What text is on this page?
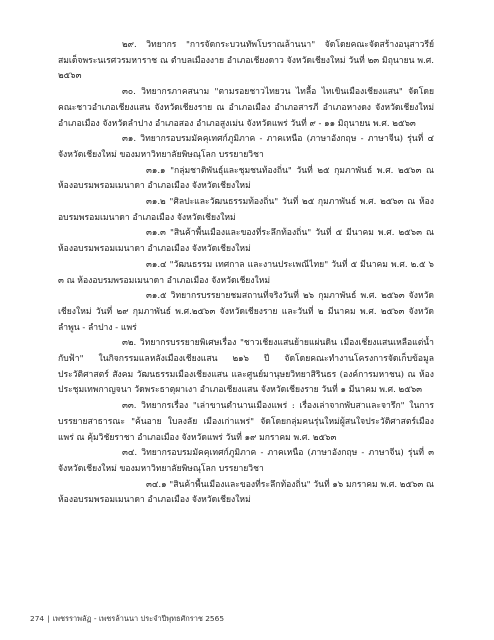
๒๙. วิทยากร "การจัดกระบวนทัพโบราณล้านนา" จัดโดยคณะจัดสร้างอนุสาวรีย์สมเด็จพระนเรศวรมหาราช ณ ตำบลเมืองงาย อำเภอเชียงดาว จังหวัดเชียงใหม่ วันที่ ๒๓ มิถุนายน พ.ศ. ๒๕๖๓

๓๐. วิทยากรภาคสนาม "ตามรอยชาวไทยวน ไทลื้อ ไทเขินเมืองเชียงแสน" จัดโดยคณะชาวอำเภอเชียงแสน จังหวัดเชียงราย ณ อำเภอเมือง อำเภอสารภี อำเภอหางดง จังหวัดเชียงใหม่ อำเภอเมือง จังหวัดลำปาง อำเภอสอง อำเภอสูงเม่น จังหวัดแพร่ วันที่ ๙ - ๑๑ มิถุนายน พ.ศ. ๒๕๖๓

๓๑. วิทยากรอบรมมัคคุเทศก์ภูมิภาค - ภาคเหนือ (ภาษาอังกฤษ - ภาษาจีน) รุ่นที่ ๔ จังหวัดเชียงใหม่ ของมหาวิทยาลัยพิษณุโลก บรรยายวิชา

๓๑.๑ "กลุ่มชาติพันธุ์และชุมชนท้องถิ่น" วันที่ ๒๕ กุมภาพันธ์ พ.ศ. ๒๕๖๓ ณ ห้องอบรมพรอมเมนาดา อำเภอเมือง จังหวัดเชียงใหม่

๓๑.๒ "ศิลปะและวัฒนธรรมท้องถิ่น" วันที่ ๒๕ กุมภาพันธ์ พ.ศ. ๒๕๖๓ ณ ห้องอบรมพรอมเมนาดา อำเภอเมือง จังหวัดเชียงใหม่

๓๑.๓ "สินค้าพื้นเมืองและของที่ระลึกท้องถิ่น" วันที่ ๕ มีนาคม พ.ศ. ๒๕๖๓ ณ ห้องอบรมพรอมเมนาดา อำเภอเมือง จังหวัดเชียงใหม่

๓๑.๔ "วัฒนธรรม เทศกาล และงานประเพณีไทย" วันที่ ๕ มีนาคม พ.ศ. ๒.๕ ๖ ๓ ณ ห้องอบรมพรอมเมนาดา อำเภอเมือง จังหวัดเชียงใหม่

๓๑.๕ วิทยากรบรรยายชมสถานที่จริงวันที่ ๒๖ กุมภาพันธ์ พ.ศ. ๒๕๖๓ จังหวัดเชียงใหม่ วันที่ ๒๙ กุมภาพันธ์ พ.ศ.๒๕๖๓ จังหวัดเชียงราย และวันที่ ๒ มีนาคม พ.ศ. ๒๕๖๓ จังหวัดลำพูน - ลำปาง - แพร่

๓๒. วิทยากรบรรยายพิเศษเรื่อง "ชาวเชียงแสนย้ายแผ่นดิน เมืองเชียงแสนเหลือแต่น้ำกับฟ้า" ในกิจกรรมแลหลังเมืองเชียงแสน ๒๑๖ ปี จัดโดยคณะทำงานโครงการจัดเก็บข้อมูลประวัติศาสตร์ สังคม วัฒนธรรมเมืองเชียงแสน และศูนย์มานุษยวิทยาสิรินธร (องค์การมหาชน) ณ ห้องประชุมเทพกาญจนา วัดพระธาตุผาเงา อำเภอเชียงแสน จังหวัดเชียงราย วันที่ ๑ มีนาคม พ.ศ. ๒๕๖๓

๓๓. วิทยากรเรื่อง "เล่าขานตำนานเมืองแพร่ : เรื่องเล่าจากพับสาและจารึก" ในการบรรยายสาธารณะ "ค้นอาย ใบลงลัย เมืองเก่าแพร่" จัดโดยกลุ่มคนรุ่นใหม่ผู้สนใจประวัติศาสตร์เมืองแพร่ ณ คุ้มวิชัยราชา อำเภอเมือง จังหวัดแพร่ วันที่ ๑๙ มกราคม พ.ศ. ๒๕๖๓

๓๔. วิทยากรอบรมมัคคุเทศก์ภูมิภาค - ภาคเหนือ (ภาษาอังกฤษ - ภาษาจีน) รุ่นที่ ๓ จังหวัดเชียงใหม่ ของมหาวิทยาลัยพิษณุโลก บรรยายวิชา

๓๔.๑ "สินค้าพื้นเมืองและของที่ระลึกท้องถิ่น" วันที่ ๑๖ มกราคม พ.ศ. ๒๕๖๓ ณ ห้องอบรมพรอมเมนาดา อำเภอเมือง จังหวัดเชียงใหม่

274 | เพชรราพลัฏ - เพชรล้านนา ประจำปีพุทธศักราช 2565
